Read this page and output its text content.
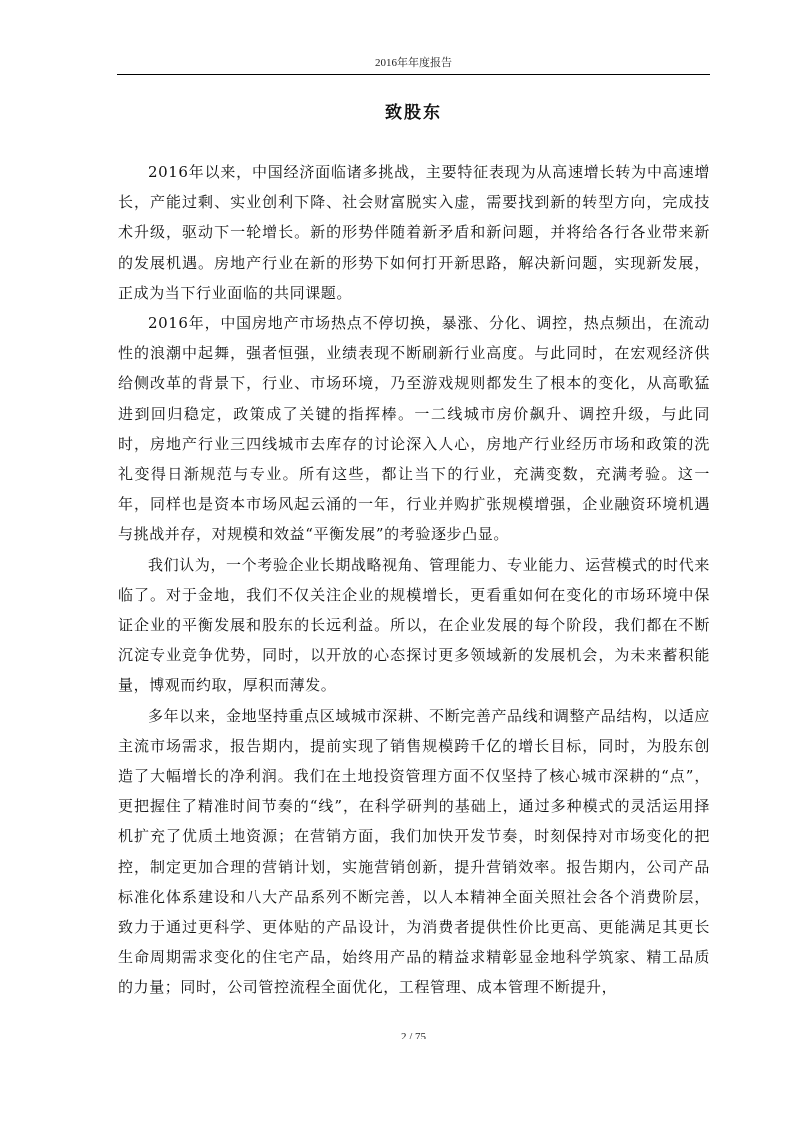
2016年年度报告
致股东

2016年以来，中国经济面临诸多挑战，主要特征表现为从高速增长转为中高速增长，产能过剩、实业创利下降、社会财富脱实入虚，需要找到新的转型方向，完成技术升级，驱动下一轮增长。新的形势伴随着新矛盾和新问题，并将给各行各业带来新的发展机遇。房地产行业在新的形势下如何打开新思路，解决新问题，实现新发展，正成为当下行业面临的共同课题。

2016年，中国房地产市场热点不停切换，暴涨、分化、调控，热点频出，在流动性的浪潮中起舞，强者恒强，业绩表现不断刷新行业高度。与此同时，在宏观经济供给侧改革的背景下，行业、市场环境，乃至游戏规则都发生了根本的变化，从高歌猛进到回归稳定，政策成了关键的指挥棒。一二线城市房价飙升、调控升级，与此同时，房地产行业三四线城市去库存的讨论深入人心，房地产行业经历市场和政策的洗礼变得日渐规范与专业。所有这些，都让当下的行业，充满变数，充满考验。这一年，同样也是资本市场风起云涌的一年，行业并购扩张规模增强，企业融资环境机遇与挑战并存，对规模和效益“平衡发展”的考验逐步凸显。

我们认为，一个考验企业长期战略视角、管理能力、专业能力、运营模式的时代来临了。对于金地，我们不仅关注企业的规模增长，更看重如何在变化的市场环境中保证企业的平衡发展和股东的长远利益。所以，在企业发展的每个阶段，我们都在不断沉淀专业竞争优势，同时，以开放的心态探讨更多领域新的发展机会，为未来蓄积能量，博观而约取，厚积而薄发。

多年以来，金地坚持重点区域城市深耕、不断完善产品线和调整产品结构，以适应主流市场需求，报告期内，提前实现了销售规模跨千亿的增长目标，同时，为股东创造了大幅增长的净利润。我们在土地投资管理方面不仅坚持了核心城市深耕的“点”，更把握住了精准时间节奏的“线”，在科学研判的基础上，通过多种模式的灵活运用择机扩充了优质土地资源；在营销方面，我们加快开发节奏，时刻保持对市场变化的把控，制定更加合理的营销计划，实施营销创新，提升营销效率。报告期内，公司产品标准化体系建设和八大产品系列不断完善，以人本精神全面关照社会各个消费阶层，致力于通过更科学、更体贴的产品设计，为消费者提供性价比更高、更能满足其更长生命周期需求变化的住宅产品，始终用产品的精益求精彰显金地科学筑家、精工品质的力量；同时，公司管控流程全面优化，工程管理、成本管理不断提升，

2 / 75
